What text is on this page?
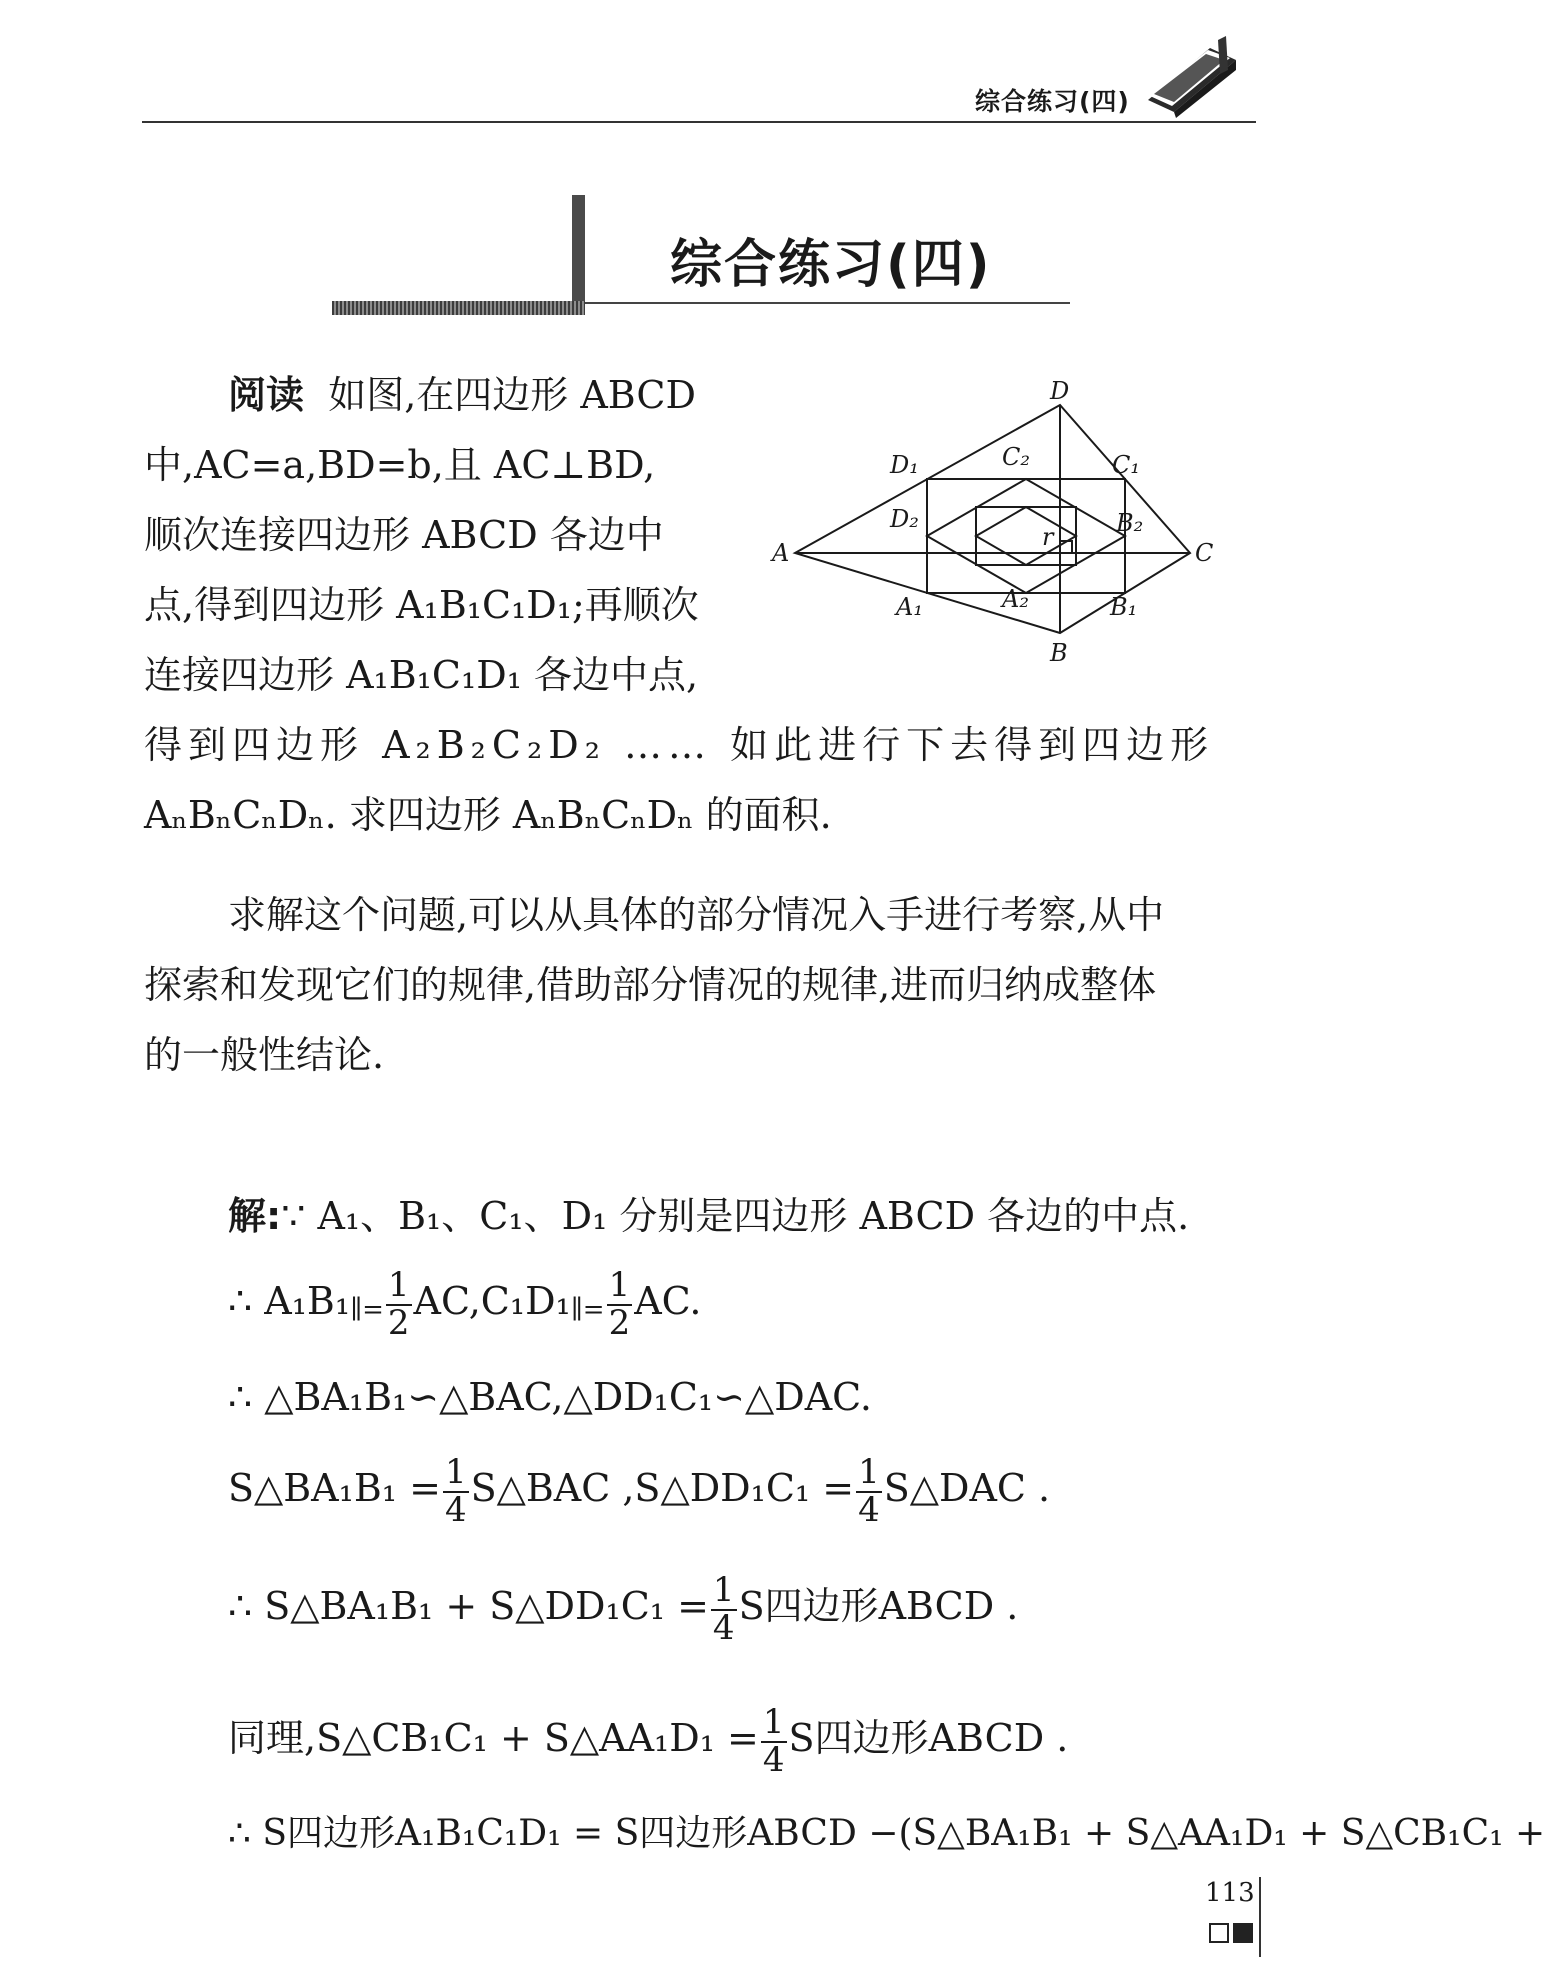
综合练习(四)
综合练习(四)

阅读 如图,在四边形 ABCD

中,AC=a,BD=b,且 AC⊥BD,

顺次连接四边形 ABCD 各边中

点,得到四边形 A₁B₁C₁D₁;再顺次

连接四边形 A₁B₁C₁D₁ 各边中点,

得到四边形 A₂B₂C₂D₂ …… 如此进行下去得到四边形

AₙBₙCₙDₙ. 求四边形 AₙBₙCₙDₙ 的面积.

A
D
C
B
D₁	C₂	C₁
D₂	B₂
A₁	A₂	B₁
r

求解这个问题,可以从具体的部分情况入手进行考察,从中

探索和发现它们的规律,借助部分情况的规律,进而归纳成整体

的一般性结论.

解:∵ A₁、B₁、C₁、D₁ 分别是四边形 ABCD 各边的中点.
∴ A₁B₁∥= $\frac{1}{2}$ AC,C₁D₁∥= $\frac{1}{2}$ AC.
∴ △BA₁B₁∽△BAC,△DD₁C₁∽△DAC.
S△BA₁B₁ = $\frac{1}{4}$ S△BAC ,S△DD₁C₁ = $\frac{1}{4}$ S△DAC .
∴ S△BA₁B₁ + S△DD₁C₁ = $\frac{1}{4}$ S四边形ABCD .
同理,S△CB₁C₁ + S△AA₁D₁ = $\frac{1}{4}$ S四边形ABCD .
∴ S四边形A₁B₁C₁D₁ = S四边形ABCD −(S△BA₁B₁ + S△AA₁D₁ + S△CB₁C₁ +
113
